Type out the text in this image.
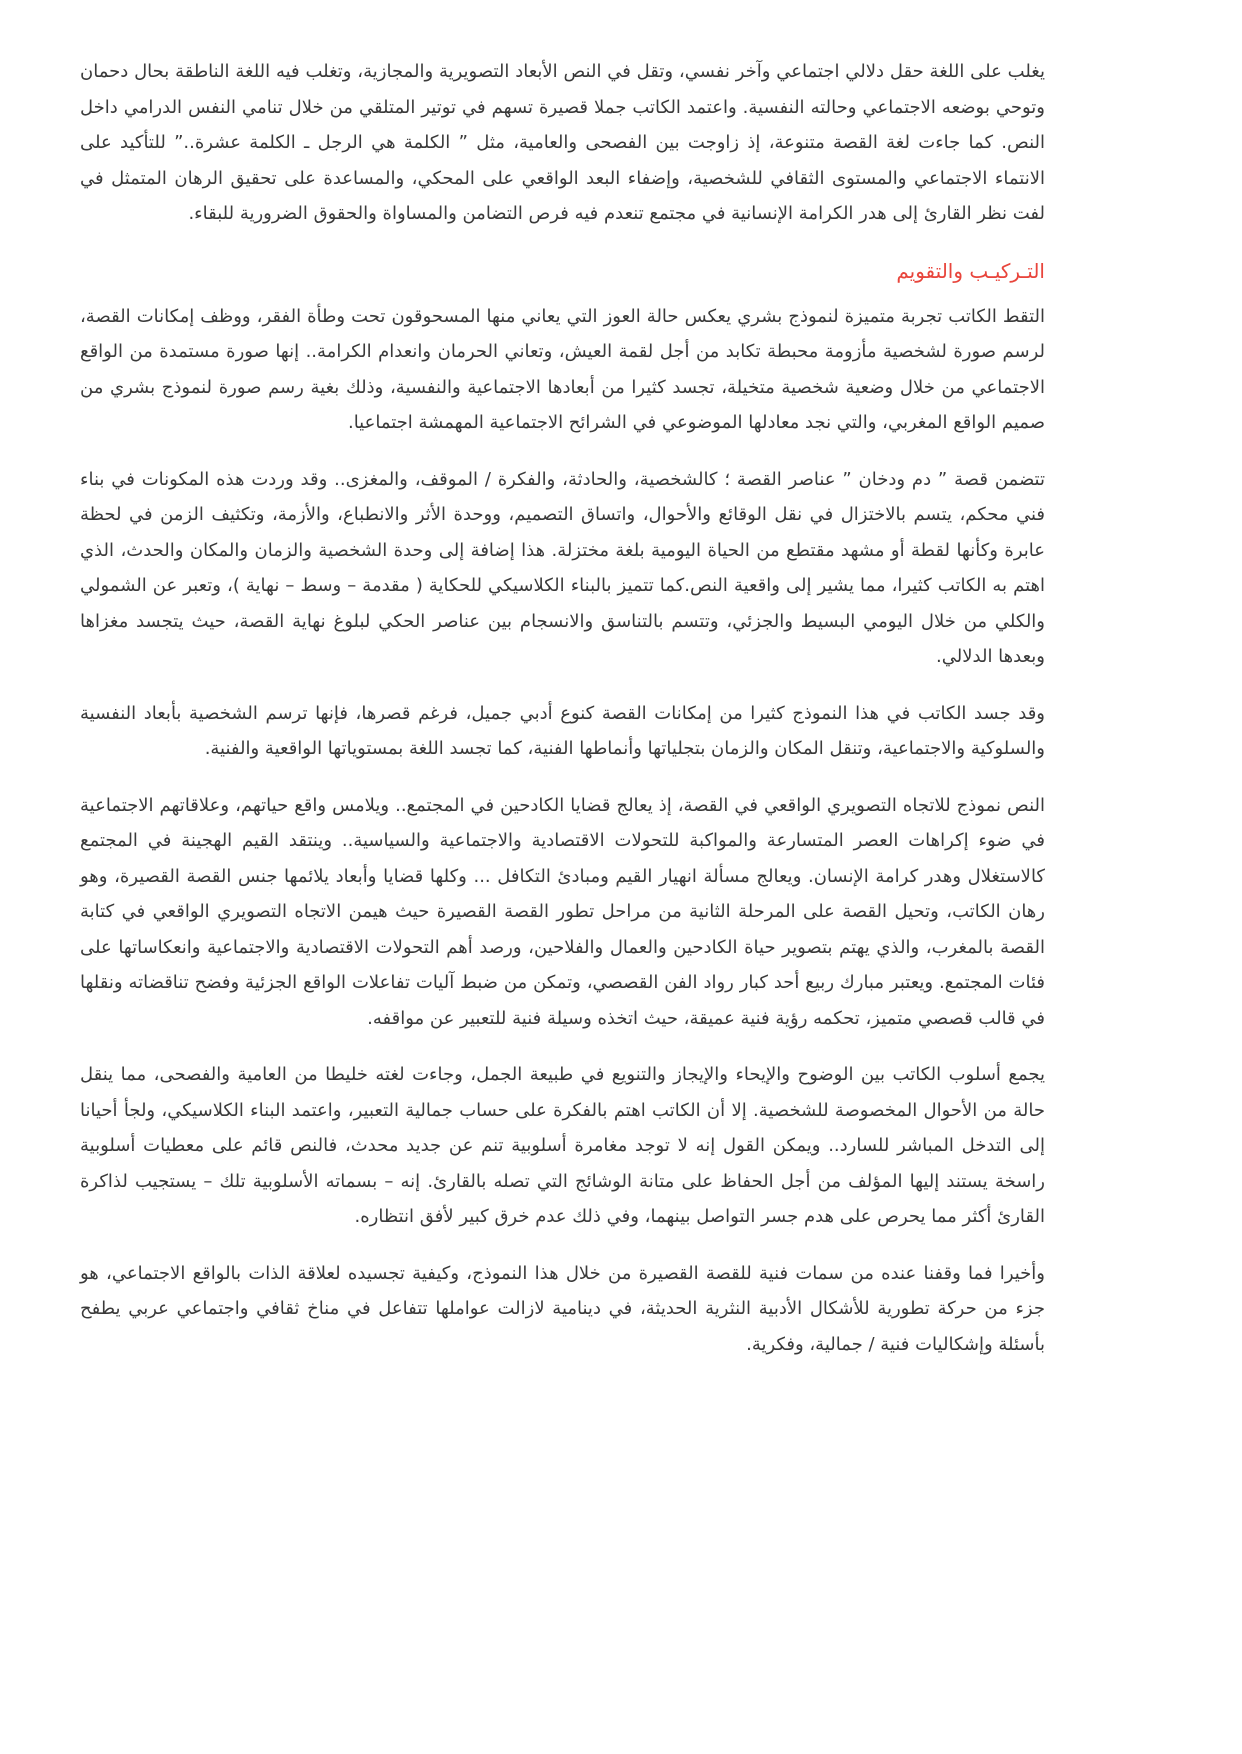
يغلب على اللغة حقل دلالي اجتماعي وآخر نفسي، وتقل في النص الأبعاد التصويرية والمجازية، وتغلب فيه اللغة الناطقة بحال دحمان وتوحي بوضعه الاجتماعي وحالته النفسية. واعتمد الكاتب جملا قصيرة تسهم في توتير المتلقي من خلال تنامي النفس الدرامي داخل النص. كما جاءت لغة القصة متنوعة، إذ زاوجت بين الفصحى والعامية، مثل ” الكلمة هي الرجل ـ الكلمة عشرة..” للتأكيد على الانتماء الاجتماعي والمستوى الثقافي للشخصية، وإضفاء البعد الواقعي على المحكي، والمساعدة على تحقيق الرهان المتمثل في لفت نظر القارئ إلى هدر الكرامة الإنسانية في مجتمع تنعدم فيه فرص التضامن والمساواة والحقوق الضرورية للبقاء.

التـركيـب والتقويم

التقط الكاتب تجربة متميزة لنموذج بشري يعكس حالة العوز التي يعاني منها المسحوقون تحت وطأة الفقر، ووظف إمكانات القصة، لرسم صورة لشخصية مأزومة محبطة تكابد من أجل لقمة العيش، وتعاني الحرمان وانعدام الكرامة.. إنها صورة مستمدة من الواقع الاجتماعي من خلال وضعية شخصية متخيلة، تجسد كثيرا من أبعادها الاجتماعية والنفسية، وذلك بغية رسم صورة لنموذج بشري من صميم الواقع المغربي، والتي نجد معادلها الموضوعي في الشرائح الاجتماعية المهمشة اجتماعيا.

تتضمن قصة ” دم ودخان ” عناصر القصة ؛ كالشخصية، والحادثة، والفكرة / الموقف، والمغزى.. وقد وردت هذه المكونات في بناء فني محكم، يتسم بالاختزال في نقل الوقائع والأحوال، واتساق التصميم، ووحدة الأثر والانطباع، والأزمة، وتكثيف الزمن في لحظة عابرة وكأنها لقطة أو مشهد مقتطع من الحياة اليومية بلغة مختزلة. هذا إضافة إلى وحدة الشخصية والزمان والمكان والحدث، الذي اهتم به الكاتب كثيرا، مما يشير إلى واقعية النص.كما تتميز بالبناء الكلاسيكي للحكاية ( مقدمة – وسط – نهاية )، وتعبر عن الشمولي والكلي من خلال اليومي البسيط والجزئي، وتتسم بالتناسق والانسجام بين عناصر الحكي لبلوغ نهاية القصة، حيث يتجسد مغزاها وبعدها الدلالي.

وقد جسد الكاتب في هذا النموذج كثيرا من إمكانات القصة كنوع أدبي جميل، فرغم قصرها، فإنها ترسم الشخصية بأبعاد النفسية والسلوكية والاجتماعية، وتنقل المكان والزمان بتجلياتها وأنماطها الفنية، كما تجسد اللغة بمستوياتها الواقعية والفنية.

النص نموذج للاتجاه التصويري الواقعي في القصة، إذ يعالج قضايا الكادحين في المجتمع.. ويلامس واقع حياتهم، وعلاقاتهم الاجتماعية في ضوء إكراهات العصر المتسارعة والمواكبة للتحولات الاقتصادية والاجتماعية والسياسية.. وينتقد القيم الهجينة في المجتمع كالاستغلال وهدر كرامة الإنسان. ويعالج مسألة انهيار القيم ومبادئ التكافل ... وكلها قضايا وأبعاد يلائمها جنس القصة القصيرة، وهو رهان الكاتب، وتحيل القصة على المرحلة الثانية من مراحل تطور القصة القصيرة حيث هيمن الاتجاه التصويري الواقعي في كتابة القصة بالمغرب، والذي يهتم بتصوير حياة الكادحين والعمال والفلاحين، ورصد أهم التحولات الاقتصادية والاجتماعية وانعكاساتها على فئات المجتمع. ويعتبر مبارك ربيع أحد كبار رواد الفن القصصي، وتمكن من ضبط آليات تفاعلات الواقع الجزئية وفضح تناقضاته ونقلها في قالب قصصي متميز، تحكمه رؤية فنية عميقة، حيث اتخذه وسيلة فنية للتعبير عن مواقفه.

يجمع أسلوب الكاتب بين الوضوح والإيحاء والإيجاز والتنويع في طبيعة الجمل، وجاءت لغته خليطا من العامية والفصحى، مما ينقل حالة من الأحوال المخصوصة للشخصية. إلا أن الكاتب اهتم بالفكرة على حساب جمالية التعبير، واعتمد البناء الكلاسيكي، ولجأ أحيانا إلى التدخل المباشر للسارد.. ويمكن القول إنه لا توجد مغامرة أسلوبية تنم عن جديد محدث، فالنص قائم على معطيات أسلوبية راسخة يستند إليها المؤلف من أجل الحفاظ على متانة الوشائج التي تصله بالقارئ. إنه – بسماته الأسلوبية تلك – يستجيب لذاكرة القارئ أكثر مما يحرص على هدم جسر التواصل بينهما، وفي ذلك عدم خرق كبير لأفق انتظاره.

وأخيرا فما وقفنا عنده من سمات فنية للقصة القصيرة من خلال هذا النموذج، وكيفية تجسيده لعلاقة الذات بالواقع الاجتماعي، هو جزء من حركة تطورية للأشكال الأدبية النثرية الحديثة، في دينامية لازالت عواملها تتفاعل في مناخ ثقافي واجتماعي عربي يطفح بأسئلة وإشكاليات فنية / جمالية، وفكرية.
